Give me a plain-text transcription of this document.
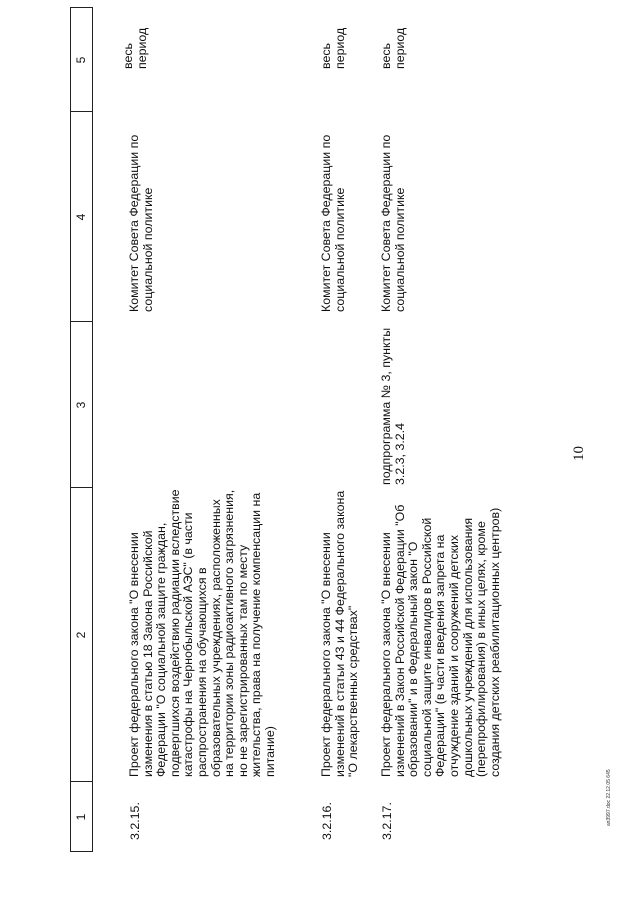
10
1
2
3
4
5
3.2.15.
Проект федерального закона "О внесении изменения в статью 18 Закона Российской Федерации "О социальной защите граждан, подвергшихся воздействию радиации вследствие катастрофы на Чернобыльской АЭС" (в части распространения на обучающихся в образовательных учреждениях, расположенных на территории зоны радиоактивного загрязнения, но не зарегистрированных там по месту жительства, права на получение компенсации на питание)
Комитет Совета Федерации по социальной политике
весь период
3.2.16.
Проект федерального закона "О внесении изменений в статьи 43 и 44 Федерального закона "О лекарственных средствах"
Комитет Совета Федерации по социальной политике
весь период
3.2.17.
Проект федерального закона "О внесении изменений в Закон Российской Федерации "Об образовании" и в Федеральный закон "О социальной защите инвалидов в Российской Федерации" (в части введения запрета на отчуждение зданий и сооружений детских дошкольных учреждений для использования (перепрофилирования) в иных целях, кроме создания детских реабилитационных центров)
подпрограмма № 3, пункты 3.2.3, 3.2.4
Комитет Совета Федерации по социальной политике
весь период
ап3997.doc 22.12.05 645
